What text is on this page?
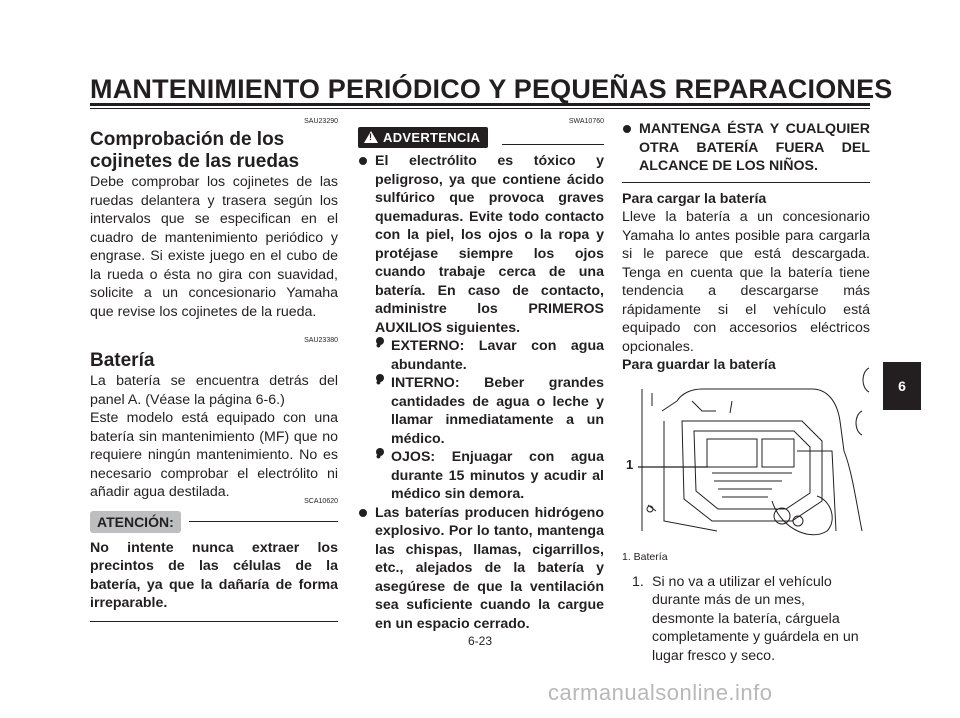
MANTENIMIENTO PERIÓDICO Y PEQUEÑAS REPARACIONES
SAU23290
Comprobación de los
cojinetes de las ruedas
Debe comprobar los cojinetes de las ruedas delantera y trasera según los intervalos que se especifican en el cuadro de mantenimiento periódico y engrase. Si existe juego en el cubo de la rueda o ésta no gira con suavidad, solicite a un concesionario Yamaha que revise los cojinetes de la rueda.
SAU23380
Batería
La batería se encuentra detrás del panel A. (Véase la página 6-6.)
Este modelo está equipado con una batería sin mantenimiento (MF) que no requiere ningún mantenimiento. No es necesario comprobar el electrólito ni añadir agua destilada.
SCA10620
ATENCIÓN:
No intente nunca extraer los precintos de las células de la batería, ya que la dañaría de forma irreparable.
SWA10760
! ADVERTENCIA
El electrólito es tóxico y peligroso, ya que contiene ácido sulfúrico que provoca graves quemaduras. Evite todo contacto con la piel, los ojos o la ropa y protéjase siempre los ojos cuando trabaje cerca de una batería. En caso de contacto, administre los PRIMEROS AUXILIOS siguientes.
• EXTERNO: Lavar con agua abundante.
• INTERNO: Beber grandes cantidades de agua o leche y llamar inmediatamente a un médico.
• OJOS: Enjuagar con agua durante 15 minutos y acudir al médico sin demora.
Las baterías producen hidrógeno explosivo. Por lo tanto, mantenga las chispas, llamas, cigarrillos, etc., alejados de la batería y asegúrese de que la ventilación sea suficiente cuando la cargue en un espacio cerrado.
MANTENGA ÉSTA Y CUALQUIER OTRA BATERÍA FUERA DEL ALCANCE DE LOS NIÑOS.
Para cargar la batería
Lleve la batería a un concesionario Yamaha lo antes posible para cargarla si le parece que está descargada. Tenga en cuenta que la batería tiene tendencia a descargarse más rápidamente si el vehículo está equipado con accesorios eléctricos opcionales.
Para guardar la batería
1
1. Batería
1. Si no va a utilizar el vehículo durante más de un mes, desmonte la batería, cárguela completamente y guárdela en un lugar fresco y seco.
6
6-23
carmanualsonline.info
